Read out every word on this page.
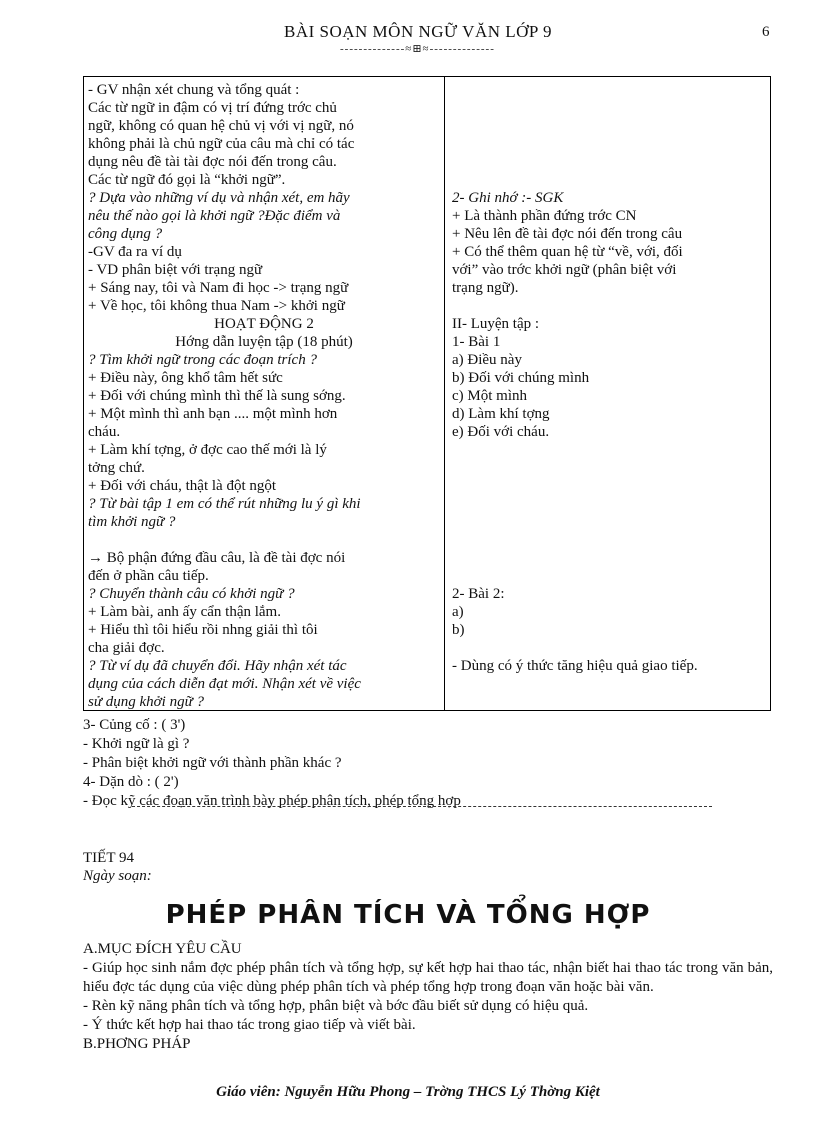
BÀI SOẠN MÔN NGỮ VĂN LỚP 9
--------------≈⊞≈--------------
6
- GV nhận xét chung và tổng quát :
Các từ ngữ in đậm có vị trí đứng trớc chủ
ngữ, không có quan hệ chủ vị với vị ngữ, nó
không phải là chủ ngữ của câu mà chỉ có tác
dụng nêu đề tài tài đợc nói đến trong câu.
Các từ ngữ đó gọi là “khởi ngữ”.
? Dựa vào những ví dụ và nhận xét, em hãy
nêu thế nào gọi là khởi ngữ ?Đặc điểm và
công dụng ?
-GV đa ra ví dụ
- VD phân biệt với trạng ngữ
+ Sáng nay, tôi và Nam đi học -> trạng ngữ
+ Về học, tôi không thua Nam -> khởi ngữ
HOẠT ĐỘNG 2
Hớng dẫn luyện tập (18 phút)
? Tìm khởi ngữ trong các đoạn trích ?
+ Điều này, ông khổ tâm hết sức
+ Đối với chúng mình thì thế là sung sớng.
+ Một mình thì anh bạn .... một mình hơn
cháu.
+ Làm khí tợng, ở đợc cao thế mới là lý
tởng chứ.
+ Đối với cháu, thật là đột ngột
? Từ bài tập 1 em có thể rút những lu ý gì khi
tìm khởi ngữ ?

→ Bộ phận đứng đầu câu, là đề tài đợc nói
đến ở phần câu tiếp.
? Chuyển thành câu có khởi ngữ ?
+ Làm bài, anh ấy cẩn thận lắm.
+ Hiểu thì tôi hiểu rồi nhng giải thì tôi
cha giải đợc.
? Từ ví dụ đã chuyển đổi. Hãy nhận xét tác
dụng của cách diễn đạt mới. Nhận xét về việc
sử dụng khởi ngữ ?

2- Ghi nhớ :- SGK
+ Là thành phần đứng trớc CN
+ Nêu lên đề tài đợc nói đến trong câu
+ Có thể thêm quan hệ từ “về, với, đối
với” vào trớc khởi ngữ (phân biệt với
trạng ngữ).

II- Luyện tập :
1- Bài 1
a) Điều này
b) Đối với chúng mình
c) Một mình
d) Làm khí tợng
e) Đối với cháu.

2- Bài 2:
a)
b)

- Dùng có ý thức tăng hiệu quả giao tiếp.
3- Củng cố : ( 3')
- Khởi ngữ là gì ?
- Phân biệt khởi ngữ với thành phần khác ?
4- Dặn dò : ( 2')
- Đọc kỹ các đoạn văn trình bày phép phân tích, phép tổng hợp
TIẾT 94
Ngày soạn:
PHÉP PHÂN TÍCH VÀ TỔNG HỢP
A.MỤC ĐÍCH YÊU CẦU
- Giúp học sinh nắm đợc phép phân tích và tổng hợp, sự kết hợp hai thao tác, nhận biết hai thao tác trong văn bản, hiểu đợc tác dụng của việc dùng phép phân tích và phép tổng hợp trong đoạn văn hoặc bài văn.
- Rèn kỹ năng phân tích và tổng hợp, phân biệt và bớc đầu biết sử dụng có hiệu quả.
- Ý thức kết hợp hai thao tác trong giao tiếp và viết bài.
B.PHƠNG PHÁP
Giáo viên: Nguyễn Hữu Phong – Trờng THCS Lý Thờng Kiệt
